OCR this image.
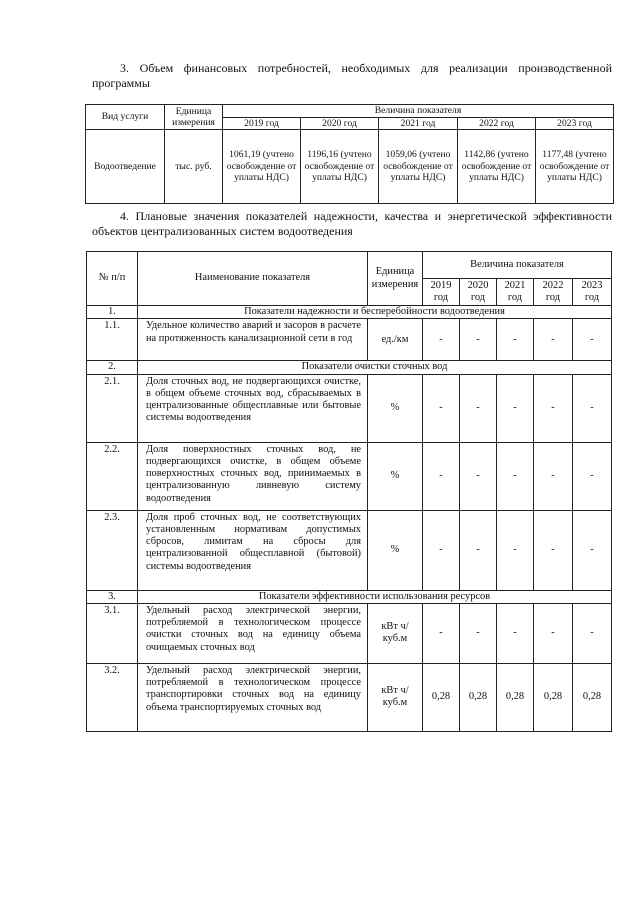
3. Объем финансовых потребностей, необходимых для реализации производственной программы
Вид услуги	Единица измерения	Величина показателя				
		2019 год	2020 год	2021 год	2022 год	2023 год
Водоотведение	тыс. руб.	1061,19 (учтено освобождение от уплаты НДС)	1196,16 (учтено освобождение от уплаты НДС)	1059,06 (учтено освобождение от уплаты НДС)	1142,86 (учтено освобождение от уплаты НДС)	1177,48 (учтено освобождение от уплаты НДС)
4. Плановые значения показателей надежности, качества и энергетической эффективности объектов централизованных систем водоотведения
№ п/п	Наименование показателя	Единица измерения	Величина показателя				
			2019 год	2020 год	2021 год	2022 год	2023 год
1.	Показатели надежности и бесперебойности водоотведения						
1.1.	Удельное количество аварий и засоров в расчете на протяженность канализационной сети в год	ед./км	-	-	-	-	-
2.	Показатели очистки сточных вод						
2.1.	Доля сточных вод, не подвергающихся очистке, в общем объеме сточных вод, сбрасываемых в централизованные общесплавные или бытовые системы водоотведения	%	-	-	-	-	-
2.2.	Доля поверхностных сточных вод, не подвергающихся очистке, в общем объеме поверхностных сточных вод, принимаемых в централизованную ливневую систему водоотведения	%	-	-	-	-	-
2.3.	Доля проб сточных вод, не соответствующих установленным нормативам допустимых сбросов, лимитам на сбросы для централизованной общесплавной (бытовой) системы водоотведения	%	-	-	-	-	-
3.	Показатели эффективности использования ресурсов						
3.1.	Удельный расход электрической энергии, потребляемой в технологическом процессе очистки сточных вод на единицу объема очищаемых сточных вод	кВт ч/куб.м	-	-	-	-	-
3.2.	Удельный расход электрической энергии, потребляемой в технологическом процессе транспортировки сточных вод на единицу объема транспортируемых сточных вод	кВт ч/куб.м	0,28	0,28	0,28	0,28	0,28
